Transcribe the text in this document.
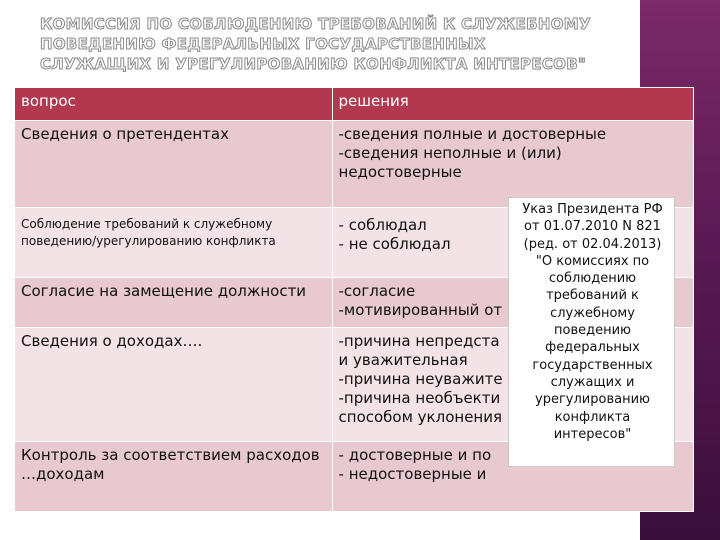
КОМИССИЯ ПО СОБЛЮДЕНИЮ ТРЕБОВАНИЙ К СЛУЖЕБНОМУ ПОВЕДЕНИЮ ФЕДЕРАЛЬНЫХ ГОСУДАРСТВЕННЫХ СЛУЖАЩИХ И УРЕГУЛИРОВАНИЮ КОНФЛИКТА ИНТЕРЕСОВ"
вопрос	решения

Сведения о претендентах	-сведения полные и достоверные
-сведения неполные и (или)
недостоверные

Соблюдение требований к служебному поведению/урегулированию конфликта	- соблюдал
- не соблюдал

Согласие на замещение должности	-согласие
-мотивированный от

Сведения о доходах….	-причина непредста
и уважительная
-причина неуважите
-причина необъекти
способом уклонения

Контроль за соответствием расходов …доходам	- достоверные и по
- недостоверные и
Указ Президента РФ
от 01.07.2010 N 821
(ред. от 02.04.2013)
"О комиссиях по
соблюдению
требований к
служебному
поведению
федеральных
государственных
служащих и
урегулированию
конфликта
интересов"
